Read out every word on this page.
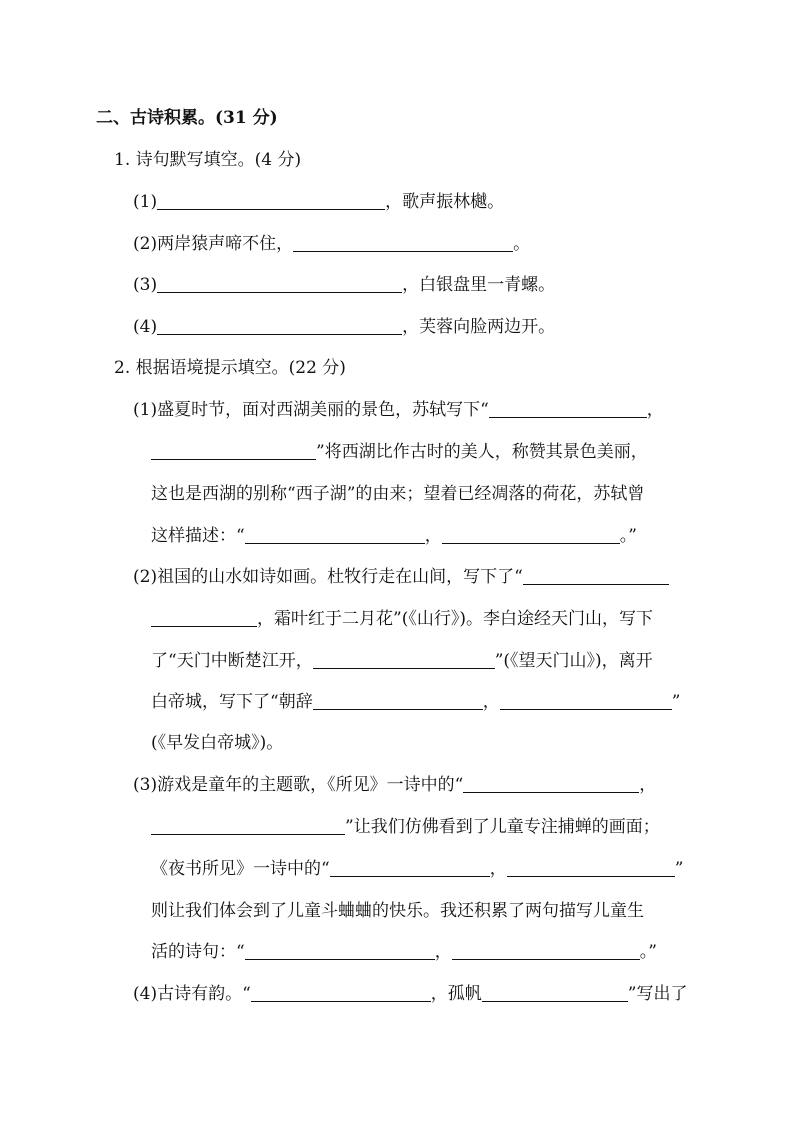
二、古诗积累。(31 分)
1. 诗句默写填空。(4 分)
(1)	，歌声振林樾。
(2)两岸猿声啼不住，	。
(3)	，白银盘里一青螺。
(4)	，芙蓉向脸两边开。
2. 根据语境提示填空。(22 分)
(1)盛夏时节，面对西湖美丽的景色，苏轼写下“	，
”将西湖比作古时的美人，称赞其景色美丽，
这也是西湖的别称“西子湖”的由来；望着已经凋落的荷花，苏轼曾
这样描述：“	，	。”
(2)祖国的山水如诗如画。杜牧行走在山间，写下了“
，霜叶红于二月花”(《山行》)。李白途经天门山，写下
了“天门中断楚江开，	”(《望天门山》)，离开
白帝城，写下了“朝辞	，	”
(《早发白帝城》)。
(3)游戏是童年的主题歌，《所见》一诗中的“	，
”让我们仿佛看到了儿童专注捕蝉的画面；
《夜书所见》一诗中的“	，	”
则让我们体会到了儿童斗蛐蛐的快乐。我还积累了两句描写儿童生
活的诗句：“	，	。”
(4)古诗有韵。“	，孤帆	”写出了
